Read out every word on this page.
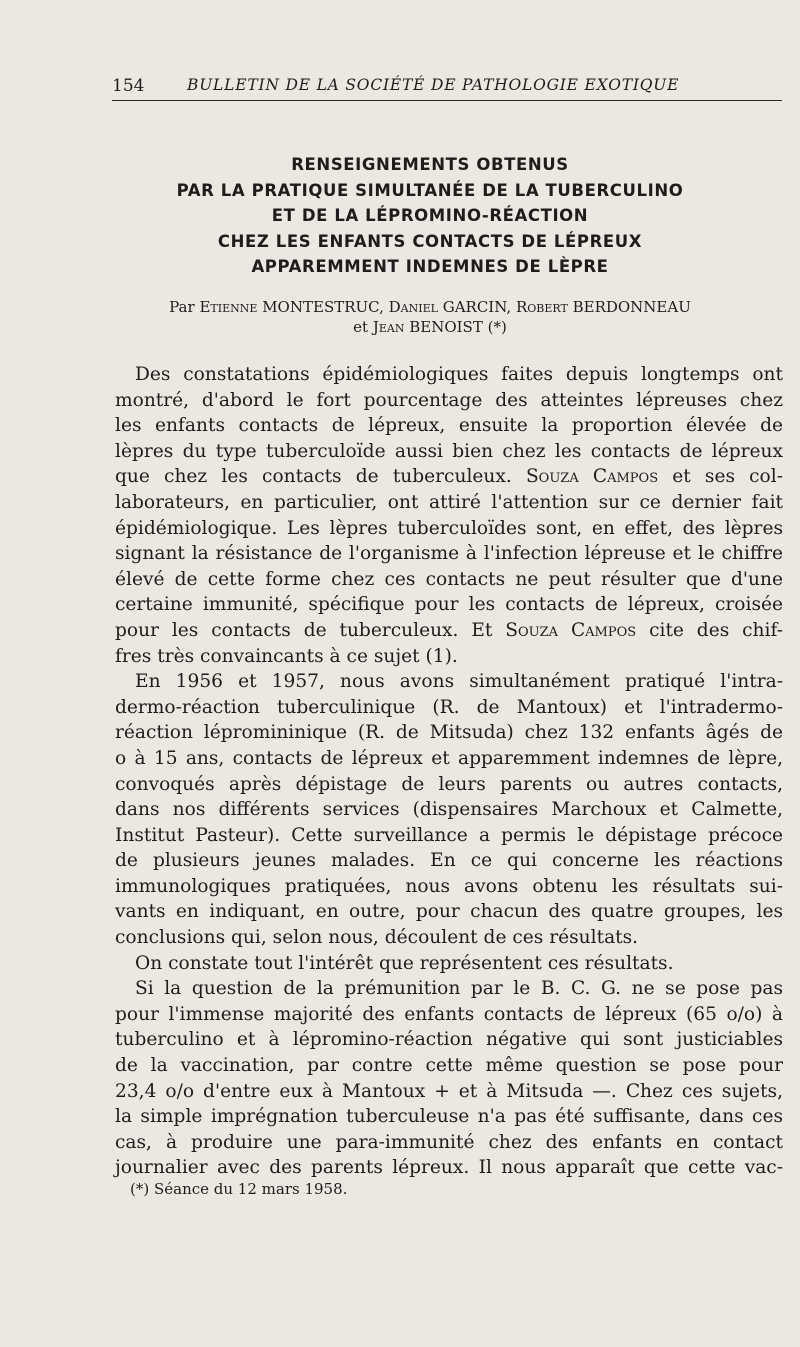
154	BULLETIN DE LA SOCIÉTÉ DE PATHOLOGIE EXOTIQUE
RENSEIGNEMENTS OBTENUS
PAR LA PRATIQUE SIMULTANÉE DE LA TUBERCULINO
ET DE LA LÉPROMINO-RÉACTION
CHEZ LES ENFANTS CONTACTS DE LÉPREUX
APPAREMMENT INDEMNES DE LÈPRE
Par Etienne MONTESTRUC, Daniel GARCIN, Robert BERDONNEAU
et Jean BENOIST (*)
Des constatations épidémiologiques faites depuis longtemps ont
montré, d'abord le fort pourcentage des atteintes lépreuses chez
les enfants contacts de lépreux, ensuite la proportion élevée de
lèpres du type tuberculoïde aussi bien chez les contacts de lépreux
que chez les contacts de tuberculeux. Souza Campos et ses col-
laborateurs, en particulier, ont attiré l'attention sur ce dernier fait
épidémiologique. Les lèpres tuberculoïdes sont, en effet, des lèpres
signant la résistance de l'organisme à l'infection lépreuse et le chiffre
élevé de cette forme chez ces contacts ne peut résulter que d'une
certaine immunité, spécifique pour les contacts de lépreux, croisée
pour les contacts de tuberculeux. Et Souza Campos cite des chif-
fres très convaincants à ce sujet (1).
En 1956 et 1957, nous avons simultanément pratiqué l'intra-
dermo-réaction tuberculinique (R. de Mantoux) et l'intradermo-
réaction lépromininique (R. de Mitsuda) chez 132 enfants âgés de
o à 15 ans, contacts de lépreux et apparemment indemnes de lèpre,
convoqués après dépistage de leurs parents ou autres contacts,
dans nos différents services (dispensaires Marchoux et Calmette,
Institut Pasteur). Cette surveillance a permis le dépistage précoce
de plusieurs jeunes malades. En ce qui concerne les réactions
immunologiques pratiquées, nous avons obtenu les résultats sui-
vants en indiquant, en outre, pour chacun des quatre groupes, les
conclusions qui, selon nous, découlent de ces résultats.
On constate tout l'intérêt que représentent ces résultats.
Si la question de la prémunition par le B. C. G. ne se pose pas
pour l'immense majorité des enfants contacts de lépreux (65 o/o) à
tuberculino et à lépromino-réaction négative qui sont justiciables
de la vaccination, par contre cette même question se pose pour
23,4 o/o d'entre eux à Mantoux + et à Mitsuda —. Chez ces sujets,
la simple imprégnation tuberculeuse n'a pas été suffisante, dans ces
cas, à produire une para-immunité chez des enfants en contact
journalier avec des parents lépreux. Il nous apparaît que cette vac-
(*) Séance du 12 mars 1958.
